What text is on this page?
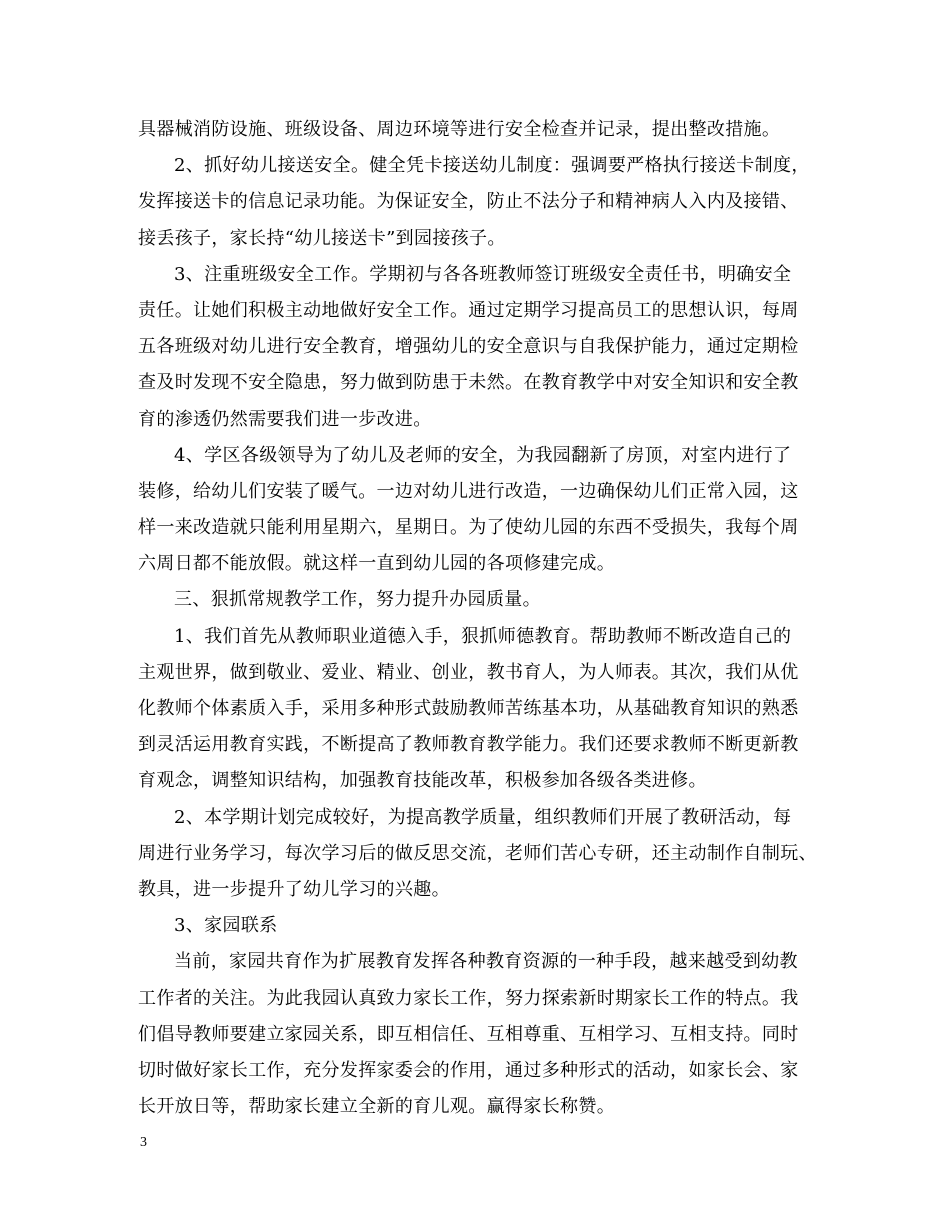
具器械消防设施、班级设备、周边环境等进行安全检查并记录，提出整改措施。
2、抓好幼儿接送安全。健全凭卡接送幼儿制度：强调要严格执行接送卡制度，
发挥接送卡的信息记录功能。为保证安全，防止不法分子和精神病人入内及接错、
接丢孩子，家长持“幼儿接送卡”到园接孩子。
3、注重班级安全工作。学期初与各各班教师签订班级安全责任书，明确安全
责任。让她们积极主动地做好安全工作。通过定期学习提高员工的思想认识，每周
五各班级对幼儿进行安全教育，增强幼儿的安全意识与自我保护能力，通过定期检
查及时发现不安全隐患，努力做到防患于未然。在教育教学中对安全知识和安全教
育的渗透仍然需要我们进一步改进。
4、学区各级领导为了幼儿及老师的安全，为我园翻新了房顶，对室内进行了
装修，给幼儿们安装了暖气。一边对幼儿进行改造，一边确保幼儿们正常入园，这
样一来改造就只能利用星期六，星期日。为了使幼儿园的东西不受损失，我每个周
六周日都不能放假。就这样一直到幼儿园的各项修建完成。
三、狠抓常规教学工作，努力提升办园质量。
1、我们首先从教师职业道德入手，狠抓师德教育。帮助教师不断改造自己的
主观世界，做到敬业、爱业、精业、创业，教书育人，为人师表。其次，我们从优
化教师个体素质入手，采用多种形式鼓励教师苦练基本功，从基础教育知识的熟悉
到灵活运用教育实践，不断提高了教师教育教学能力。我们还要求教师不断更新教
育观念，调整知识结构，加强教育技能改革，积极参加各级各类进修。
2、本学期计划完成较好，为提高教学质量，组织教师们开展了教研活动，每
周进行业务学习，每次学习后的做反思交流，老师们苦心专研，还主动制作自制玩、
教具，进一步提升了幼儿学习的兴趣。
3、家园联系
当前，家园共育作为扩展教育发挥各种教育资源的一种手段，越来越受到幼教
工作者的关注。为此我园认真致力家长工作，努力探索新时期家长工作的特点。我
们倡导教师要建立家园关系，即互相信任、互相尊重、互相学习、互相支持。同时
切时做好家长工作，充分发挥家委会的作用，通过多种形式的活动，如家长会、家
长开放日等，帮助家长建立全新的育儿观。赢得家长称赞。
3
